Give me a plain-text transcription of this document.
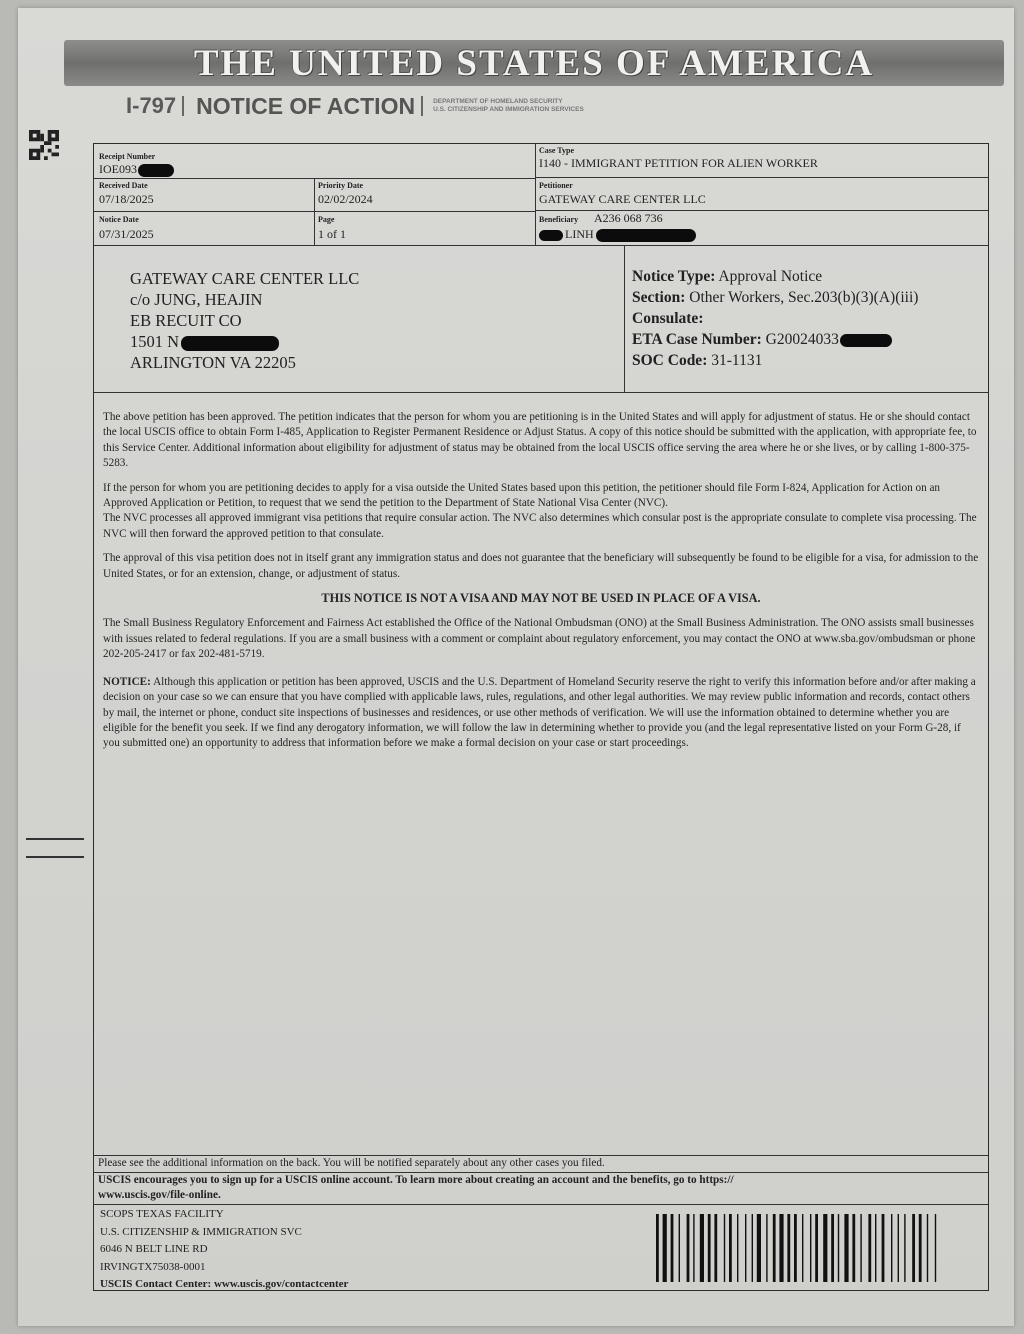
THE UNITED STATES OF AMERICA
I-797 NOTICE OF ACTION	DEPARTMENT OF HOMELAND SECURITY
U.S. CITIZENSHIP AND IMMIGRATION SERVICES
Receipt Number
IOE093
Case Type
I140 - IMMIGRANT PETITION FOR ALIEN WORKER
Received Date
07/18/2025
Priority Date
02/02/2024
Petitioner
GATEWAY CARE CENTER LLC
Notice Date
07/31/2025
Page
1 of 1
Beneficiary A236 068 736
LINH
GATEWAY CARE CENTER LLC
c/o JUNG, HEAJIN
EB RECUIT CO
1501 N
ARLINGTON VA 22205
Notice Type: Approval Notice
Section: Other Workers, Sec.203(b)(3)(A)(iii)
Consulate:
ETA Case Number: G20024033
SOC Code: 31-1131

The above petition has been approved. The petition indicates that the person for whom you are petitioning is in the United States and will apply for adjustment of status. He or she should contact the local USCIS office to obtain Form I-485, Application to Register Permanent Residence or Adjust Status. A copy of this notice should be submitted with the application, with appropriate fee, to this Service Center. Additional information about eligibility for adjustment of status may be obtained from the local USCIS office serving the area where he or she lives, or by calling 1-800-375-5283.

If the person for whom you are petitioning decides to apply for a visa outside the United States based upon this petition, the petitioner should file Form I-824, Application for Action on an Approved Application or Petition, to request that we send the petition to the Department of State National Visa Center (NVC).

The NVC processes all approved immigrant visa petitions that require consular action. The NVC also determines which consular post is the appropriate consulate to complete visa processing. The NVC will then forward the approved petition to that consulate.

The approval of this visa petition does not in itself grant any immigration status and does not guarantee that the beneficiary will subsequently be found to be eligible for a visa, for admission to the United States, or for an extension, change, or adjustment of status.

THIS NOTICE IS NOT A VISA AND MAY NOT BE USED IN PLACE OF A VISA.

The Small Business Regulatory Enforcement and Fairness Act established the Office of the National Ombudsman (ONO) at the Small Business Administration. The ONO assists small businesses with issues related to federal regulations. If you are a small business with a comment or complaint about regulatory enforcement, you may contact the ONO at www.sba.gov/ombudsman or phone 202-205-2417 or fax 202-481-5719.

NOTICE: Although this application or petition has been approved, USCIS and the U.S. Department of Homeland Security reserve the right to verify this information before and/or after making a decision on your case so we can ensure that you have complied with applicable laws, rules, regulations, and other legal authorities. We may review public information and records, contact others by mail, the internet or phone, conduct site inspections of businesses and residences, or use other methods of verification. We will use the information obtained to determine whether you are eligible for the benefit you seek. If we find any derogatory information, we will follow the law in determining whether to provide you (and the legal representative listed on your Form G-28, if you submitted one) an opportunity to address that information before we make a formal decision on your case or start proceedings.

Please see the additional information on the back. You will be notified separately about any other cases you filed.
USCIS encourages you to sign up for a USCIS online account. To learn more about creating an account and the benefits, go to https://
www.uscis.gov/file-online.
SCOPS TEXAS FACILITY
U.S. CITIZENSHIP & IMMIGRATION SVC
6046 N BELT LINE RD
IRVINGTX75038-0001
USCIS Contact Center: www.uscis.gov/contactcenter
